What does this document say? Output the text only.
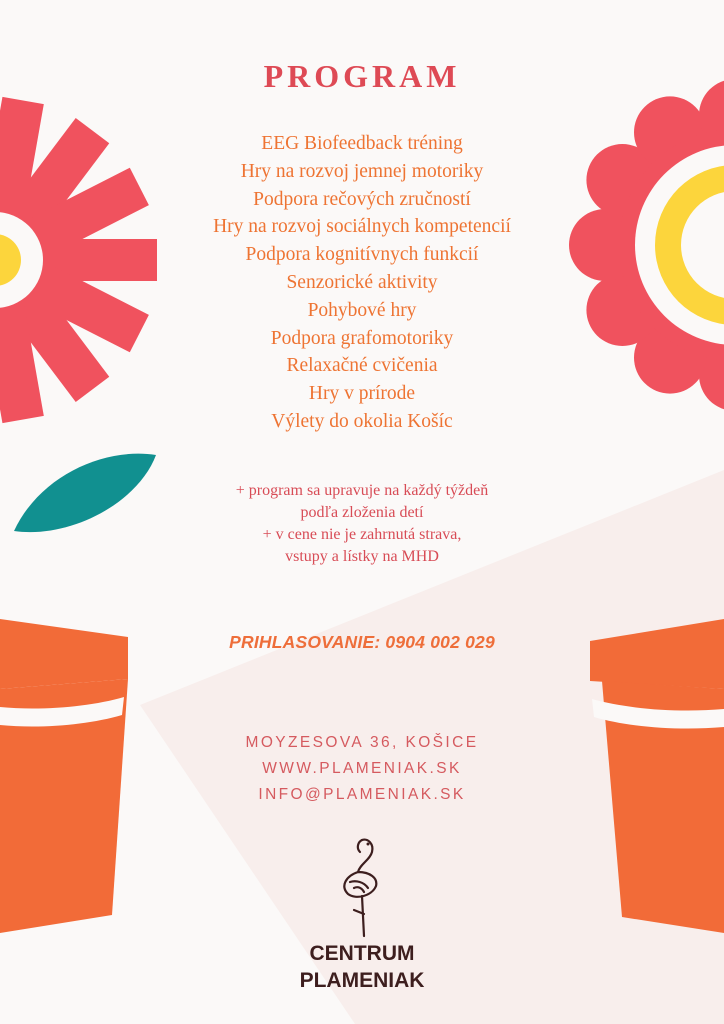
PROGRAM
EEG Biofeedback tréning
Hry na rozvoj jemnej motoriky
Podpora rečových zručností
Hry na rozvoj sociálnych kompetencií
Podpora kognitívnych funkcií
Senzorické aktivity
Pohybové hry
Podpora grafomotoriky
Relaxačné cvičenia
Hry v prírode
Výlety do okolia Košíc
+ program sa upravuje na každý týždeň
podľa zloženia detí
+ v cene nie je zahrnutá strava,
vstupy a lístky na MHD
PRIHLASOVANIE: 0904 002 029
MOYZESOVA 36, KOŠICE
WWW.PLAMENIAK.SK
INFO@PLAMENIAK.SK
CENTRUM
PLAMENIAK
